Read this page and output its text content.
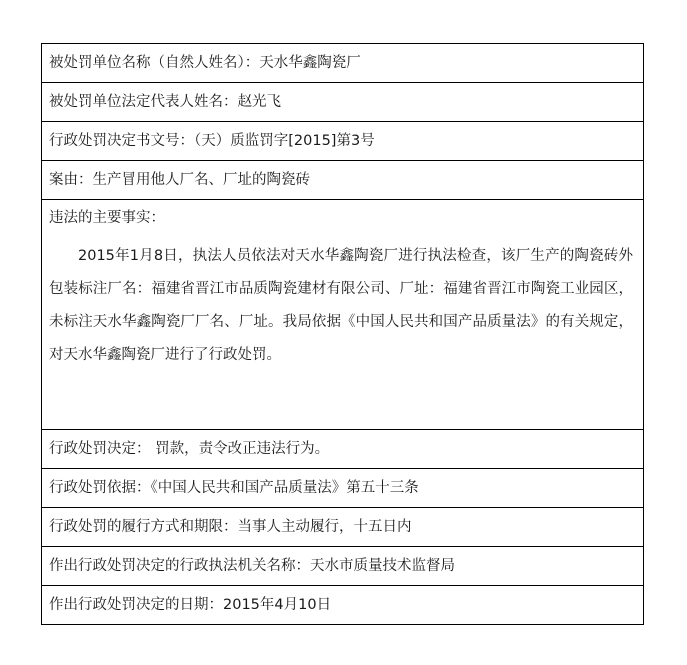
被处罚单位名称（自然人姓名）：天水华鑫陶瓷厂
被处罚单位法定代表人姓名：赵光飞
行政处罚决定书文号：（天）质监罚字[2015]第3号
案由：生产冒用他人厂名、厂址的陶瓷砖

违法的主要事实：
2015年1月8日，执法人员依法对天水华鑫陶瓷厂进行执法检查，该厂生产的陶瓷砖外包装标注厂名：福建省晋江市品质陶瓷建材有限公司、厂址：福建省晋江市陶瓷工业园区，未标注天水华鑫陶瓷厂厂名、厂址。我局依据《中国人民共和国产品质量法》的有关规定，对天水华鑫陶瓷厂进行了行政处罚。

行政处罚决定： 罚款，责令改正违法行为。
行政处罚依据：《中国人民共和国产品质量法》第五十三条
行政处罚的履行方式和期限：当事人主动履行，十五日内
作出行政处罚决定的行政执法机关名称：天水市质量技术监督局
作出行政处罚决定的日期：2015年4月10日
